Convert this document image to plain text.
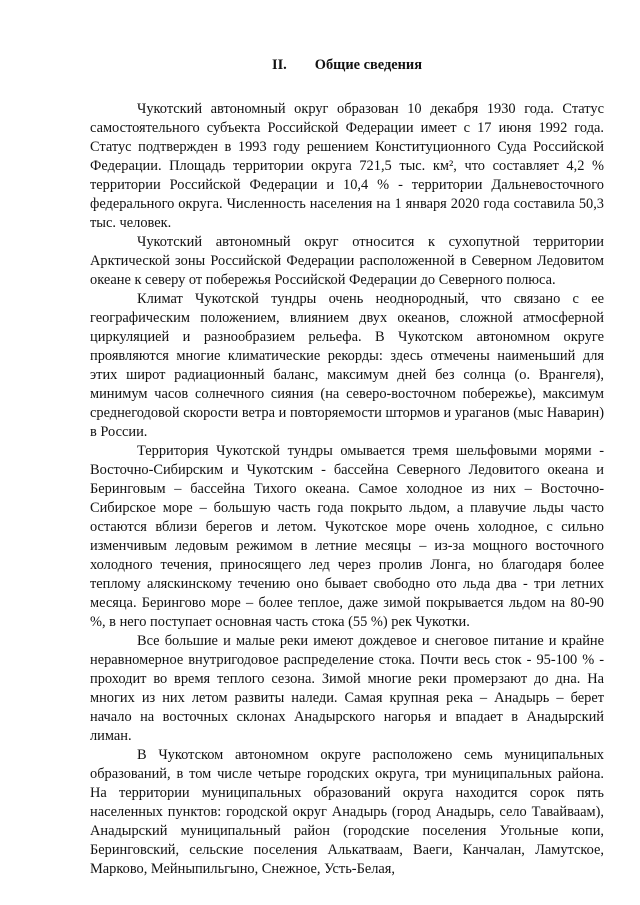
II. Общие сведения

Чукотский автономный округ образован 10 декабря 1930 года. Статус самостоятельного субъекта Российской Федерации имеет с 17 июня 1992 года. Статус подтвержден в 1993 году решением Конституционного Суда Российской Федерации. Площадь территории округа 721,5 тыс. км², что составляет 4,2 % территории Российской Федерации и 10,4 % - территории Дальневосточного федерального округа. Численность населения на 1 января 2020 года составила 50,3 тыс. человек.

Чукотский автономный округ относится к сухопутной территории Арктической зоны Российской Федерации расположенной в Северном Ледовитом океане к северу от побережья Российской Федерации до Северного полюса.

Климат Чукотской тундры очень неоднородный, что связано с ее географическим положением, влиянием двух океанов, сложной атмосферной циркуляцией и разнообразием рельефа. В Чукотском автономном округе проявляются многие климатические рекорды: здесь отмечены наименьший для этих широт радиационный баланс, максимум дней без солнца (о. Врангеля), минимум часов солнечного сияния (на северо-восточном побережье), максимум среднегодовой скорости ветра и повторяемости штормов и ураганов (мыс Наварин) в России.

Территория Чукотской тундры омывается тремя шельфовыми морями - Восточно-Сибирским и Чукотским - бассейна Северного Ледовитого океана и Беринговым – бассейна Тихого океана. Самое холодное из них – Восточно-Сибирское море – большую часть года покрыто льдом, а плавучие льды часто остаются вблизи берегов и летом. Чукотское море очень холодное, с сильно изменчивым ледовым режимом в летние месяцы – из-за мощного восточного холодного течения, приносящего лед через пролив Лонга, но благодаря более теплому аляскинскому течению оно бывает свободно ото льда два - три летних месяца. Берингово море – более теплое, даже зимой покрывается льдом на 80-90 %, в него поступает основная часть стока (55 %) рек Чукотки.

Все большие и малые реки имеют дождевое и снеговое питание и крайне неравномерное внутригодовое распределение стока. Почти весь сток - 95-100 % - проходит во время теплого сезона. Зимой многие реки промерзают до дна. На многих из них летом развиты наледи. Самая крупная река – Анадырь – берет начало на восточных склонах Анадырского нагорья и впадает в Анадырский лиман.

В Чукотском автономном округе расположено семь муниципальных образований, в том числе четыре городских округа, три муниципальных района. На территории муниципальных образований округа находится сорок пять населенных пунктов: городской округ Анадырь (город Анадырь, село Тавайваам), Анадырский муниципальный район (городские поселения Угольные копи, Беринговский, сельские поселения Алькатваам, Ваеги, Канчалан, Ламутское, Марково, Мейныпильгыно, Снежное, Усть-Белая,
